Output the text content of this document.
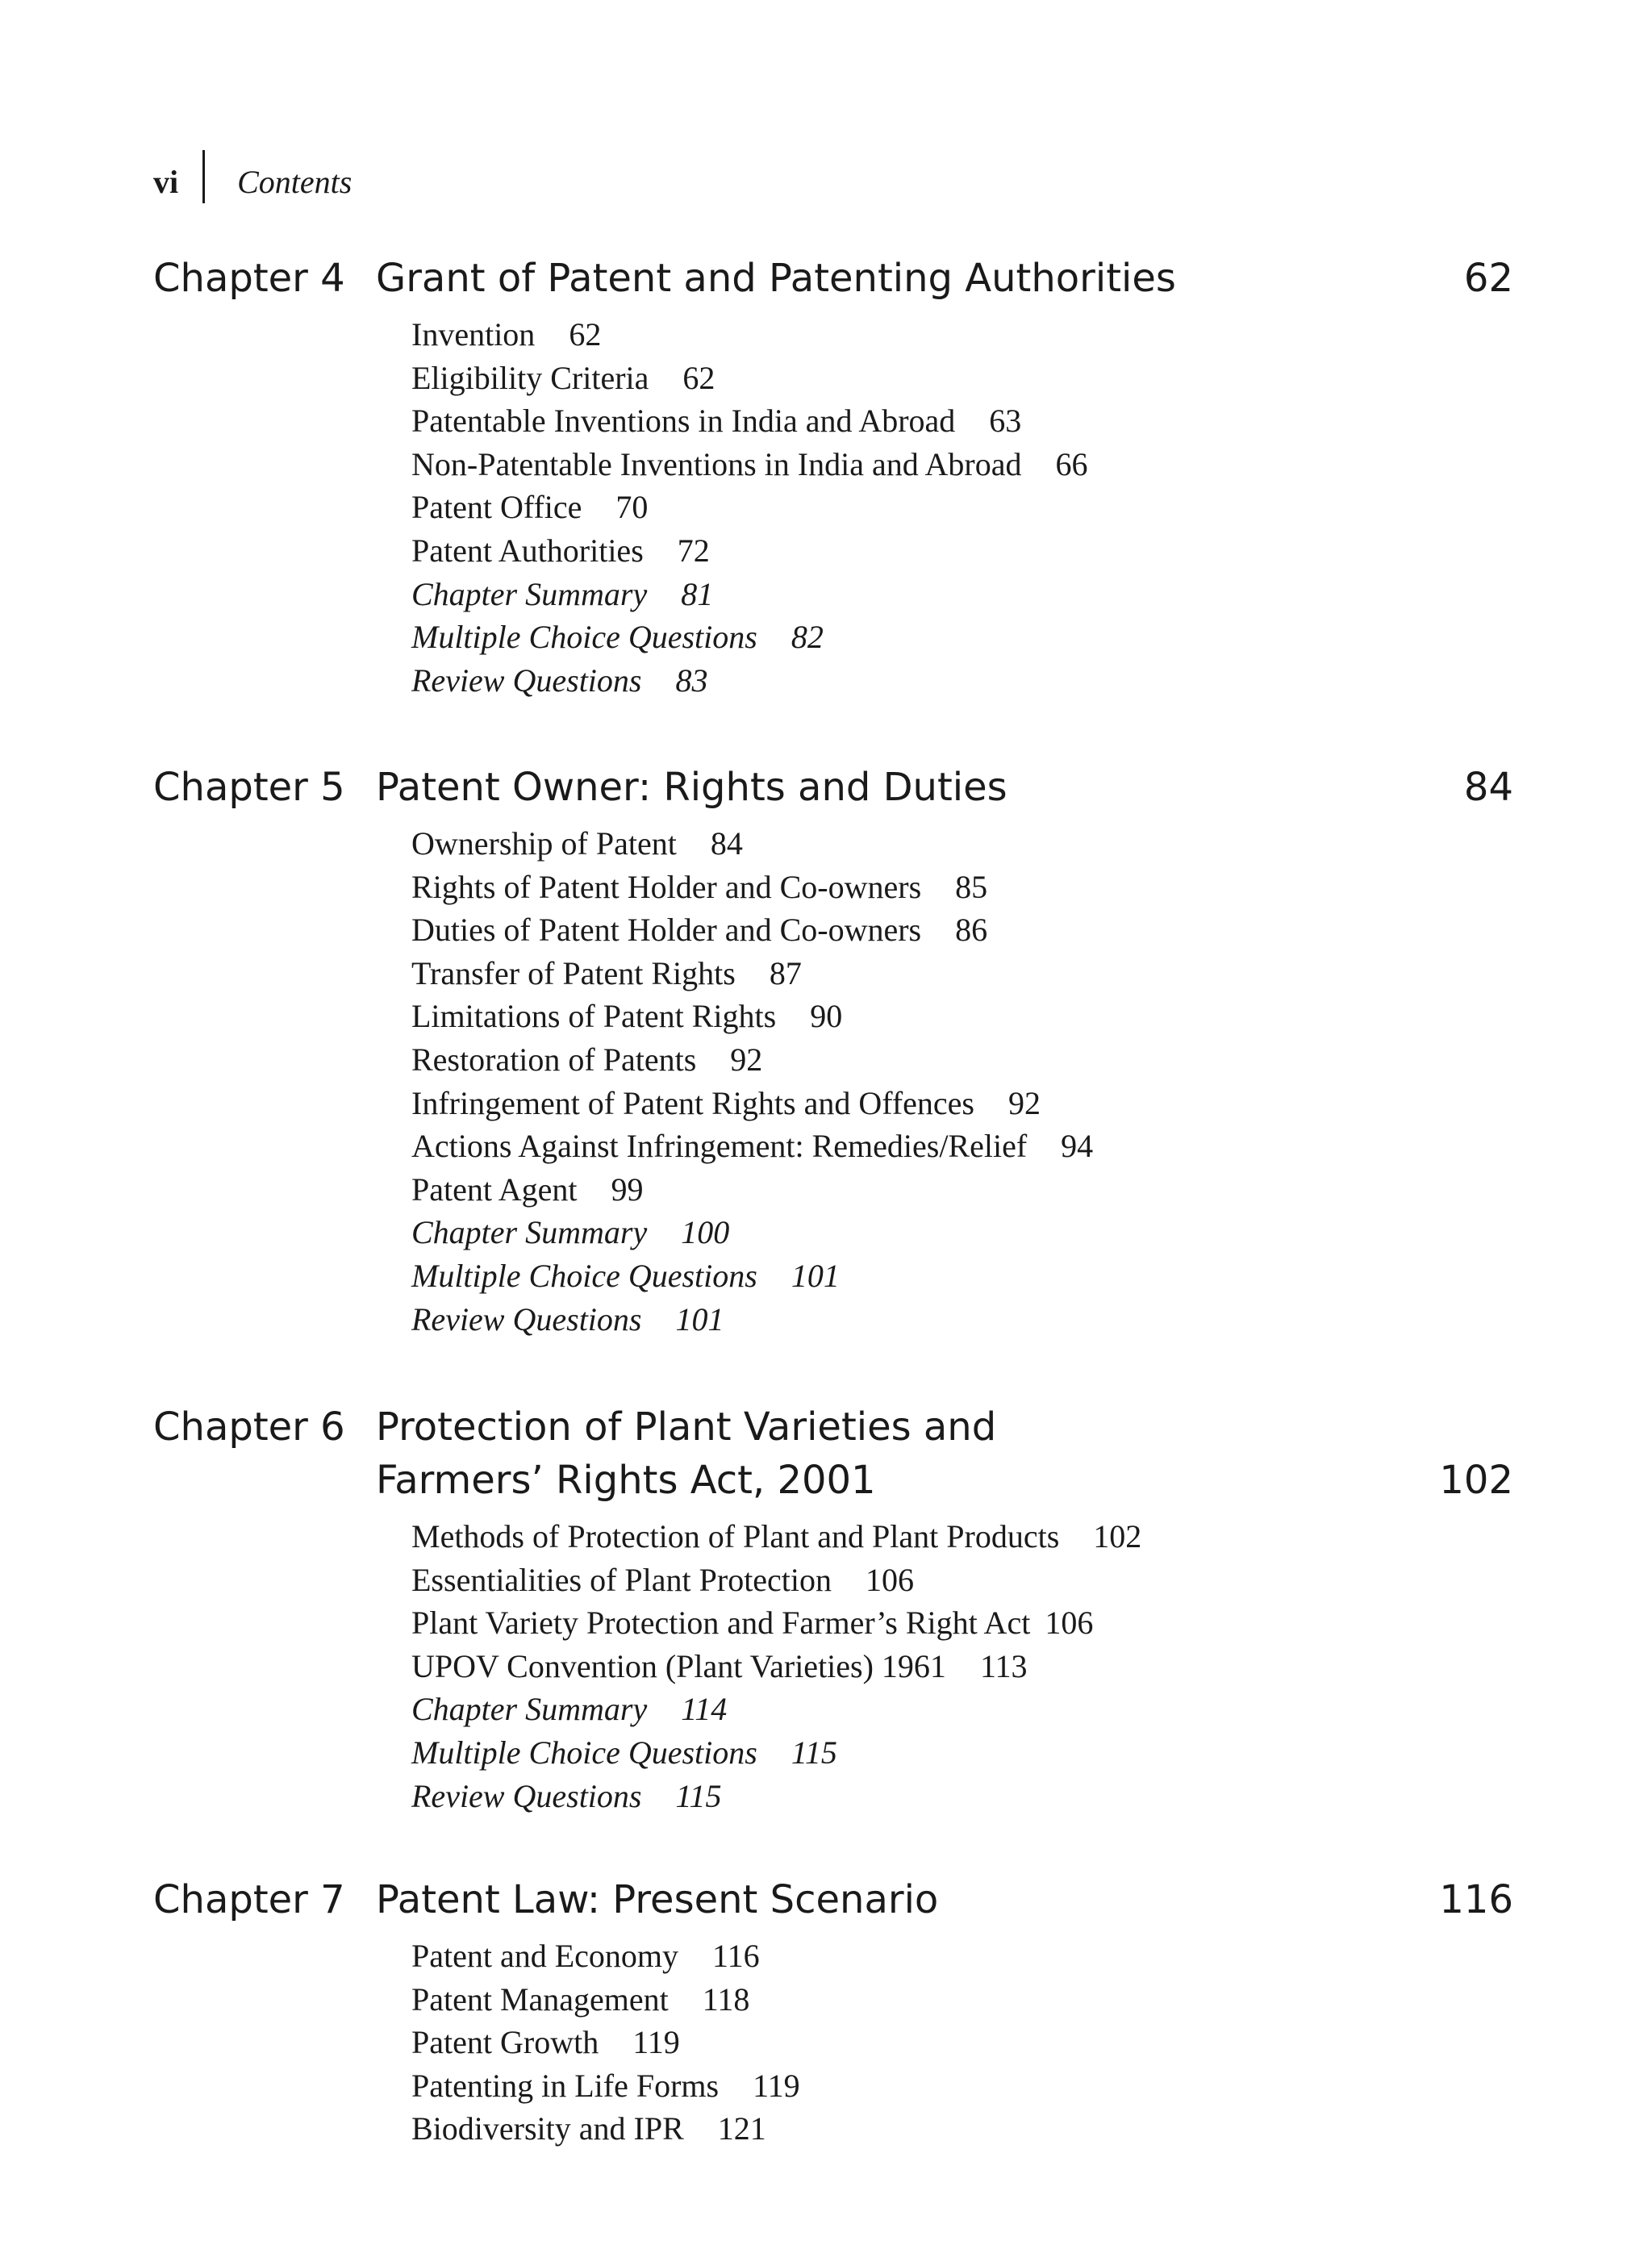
vi Contents
Chapter 4 Grant of Patent and Patenting Authorities	62
Invention 62
Eligibility Criteria 62
Patentable Inventions in India and Abroad 63
Non-Patentable Inventions in India and Abroad 66
Patent Office 70
Patent Authorities 72
Chapter Summary 81
Multiple Choice Questions 82
Review Questions 83
Chapter 5 Patent Owner: Rights and Duties	84
Ownership of Patent 84
Rights of Patent Holder and Co-owners 85
Duties of Patent Holder and Co-owners 86
Transfer of Patent Rights 87
Limitations of Patent Rights 90
Restoration of Patents 92
Infringement of Patent Rights and Offences 92
Actions Against Infringement: Remedies/Relief 94
Patent Agent 99
Chapter Summary 100
Multiple Choice Questions 101
Review Questions 101
Chapter 6 Protection of Plant Varieties and
Farmers’ Rights Act, 2001	102
Methods of Protection of Plant and Plant Products 102
Essentialities of Plant Protection 106
Plant Variety Protection and Farmer’s Right Act 106
UPOV Convention (Plant Varieties) 1961 113
Chapter Summary 114
Multiple Choice Questions 115
Review Questions 115
Chapter 7 Patent Law: Present Scenario	116
Patent and Economy 116
Patent Management 118
Patent Growth 119
Patenting in Life Forms 119
Biodiversity and IPR 121
